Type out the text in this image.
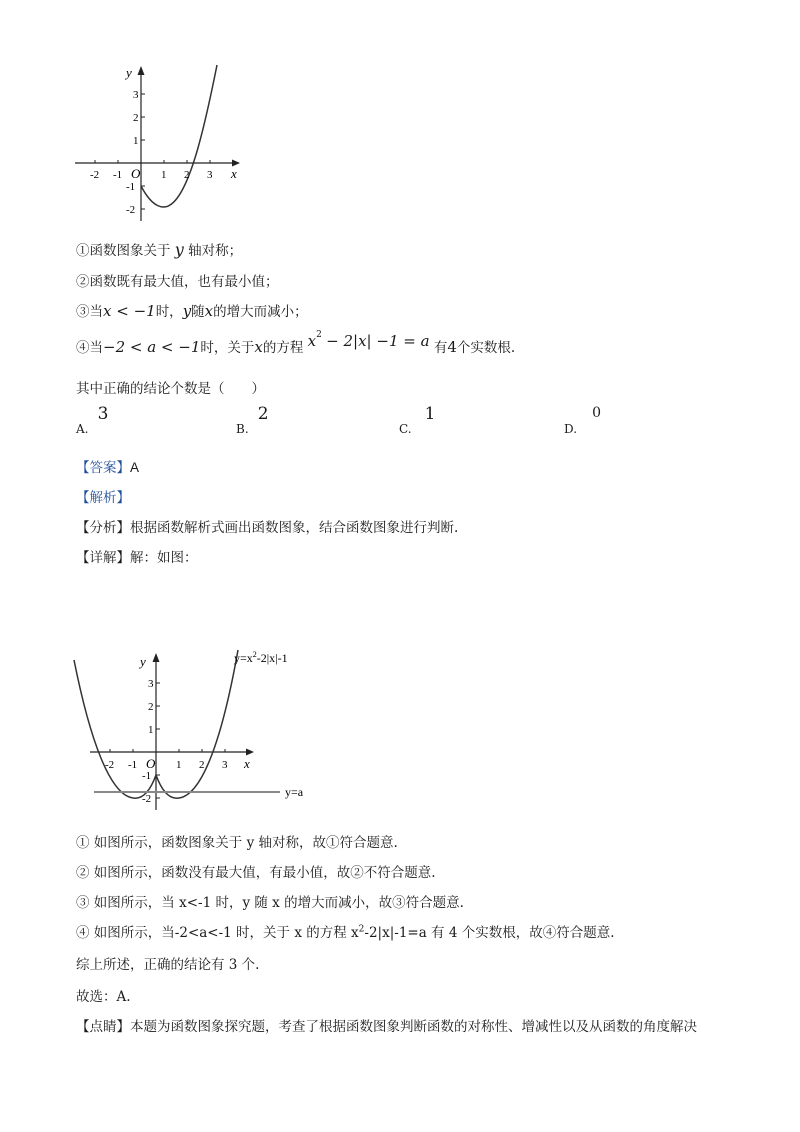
y
x
O
-2 -1	1 2 3
3
2
1
-1
-2
①函数图象关于 y 轴对称；
②函数既有最大值，也有最小值；
③当x < −1时，y随x的增大而减小；
④当−2 < a < −1时，关于x的方程 $x^2 - 2|x| -1 = a$ 有4个实数根.
其中正确的结论个数是（　　）
$_{A.}$ 3
$_{B.}$ 2
$_{C.}$ 1
$_{D.}$ 0
【答案】A
【解析】
【分析】根据函数解析式画出函数图象，结合函数图象进行判断.
【详解】解：如图：
y=a
$y=x^2-2|x|-1$
y
x
O
-2 -1	1 2 3
3
2
1
-1
-2
① 如图所示，函数图象关于 y 轴对称，故①符合题意.
② 如图所示，函数没有最大值，有最小值，故②不符合题意.
③ 如图所示，当 x<-1 时，y 随 x 的增大而减小，故③符合题意.
④ 如图所示，当-2<a<-1 时，关于 x 的方程 $x^2-2|x|-1=a$ 有 4 个实数根，故④符合题意.
综上所述，正确的结论有 3 个.
故选：A.
【点睛】本题为函数图象探究题，考查了根据函数图象判断函数的对称性、增减性以及从函数的角度解决
